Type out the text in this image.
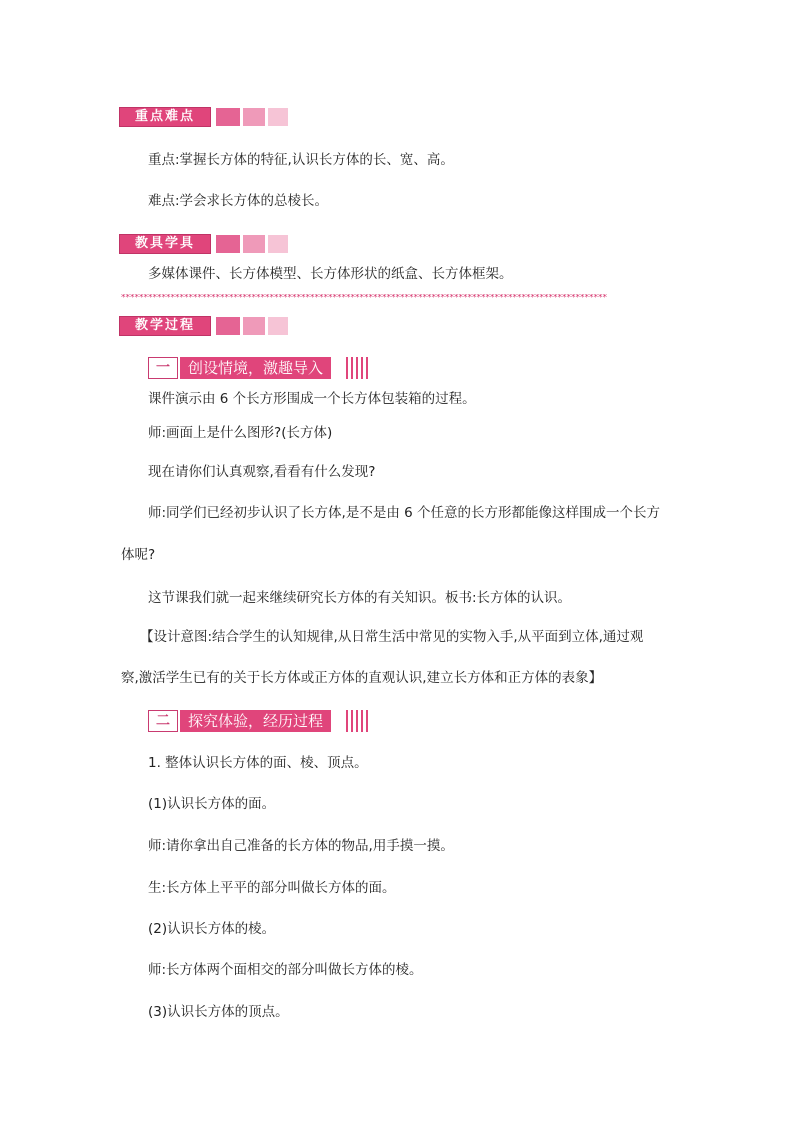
重点难点
重点:掌握长方体的特征,认识长方体的长、宽、高。
难点:学会求长方体的总棱长。
教具学具
多媒体课件、长方体模型、长方体形状的纸盒、长方体框架。
************************************************************************************************************
教学过程
一	创设情境，激趣导入
课件演示由 6 个长方形围成一个长方体包装箱的过程。
师:画面上是什么图形?(长方体)
现在请你们认真观察,看看有什么发现?
师:同学们已经初步认识了长方体,是不是由 6 个任意的长方形都能像这样围成一个长方
体呢?
这节课我们就一起来继续研究长方体的有关知识。板书:长方体的认识。
【设计意图:结合学生的认知规律,从日常生活中常见的实物入手,从平面到立体,通过观
察,激活学生已有的关于长方体或正方体的直观认识,建立长方体和正方体的表象】
二	探究体验，经历过程
1. 整体认识长方体的面、棱、顶点。
(1)认识长方体的面。
师:请你拿出自己准备的长方体的物品,用手摸一摸。
生:长方体上平平的部分叫做长方体的面。
(2)认识长方体的棱。
师:长方体两个面相交的部分叫做长方体的棱。
(3)认识长方体的顶点。
